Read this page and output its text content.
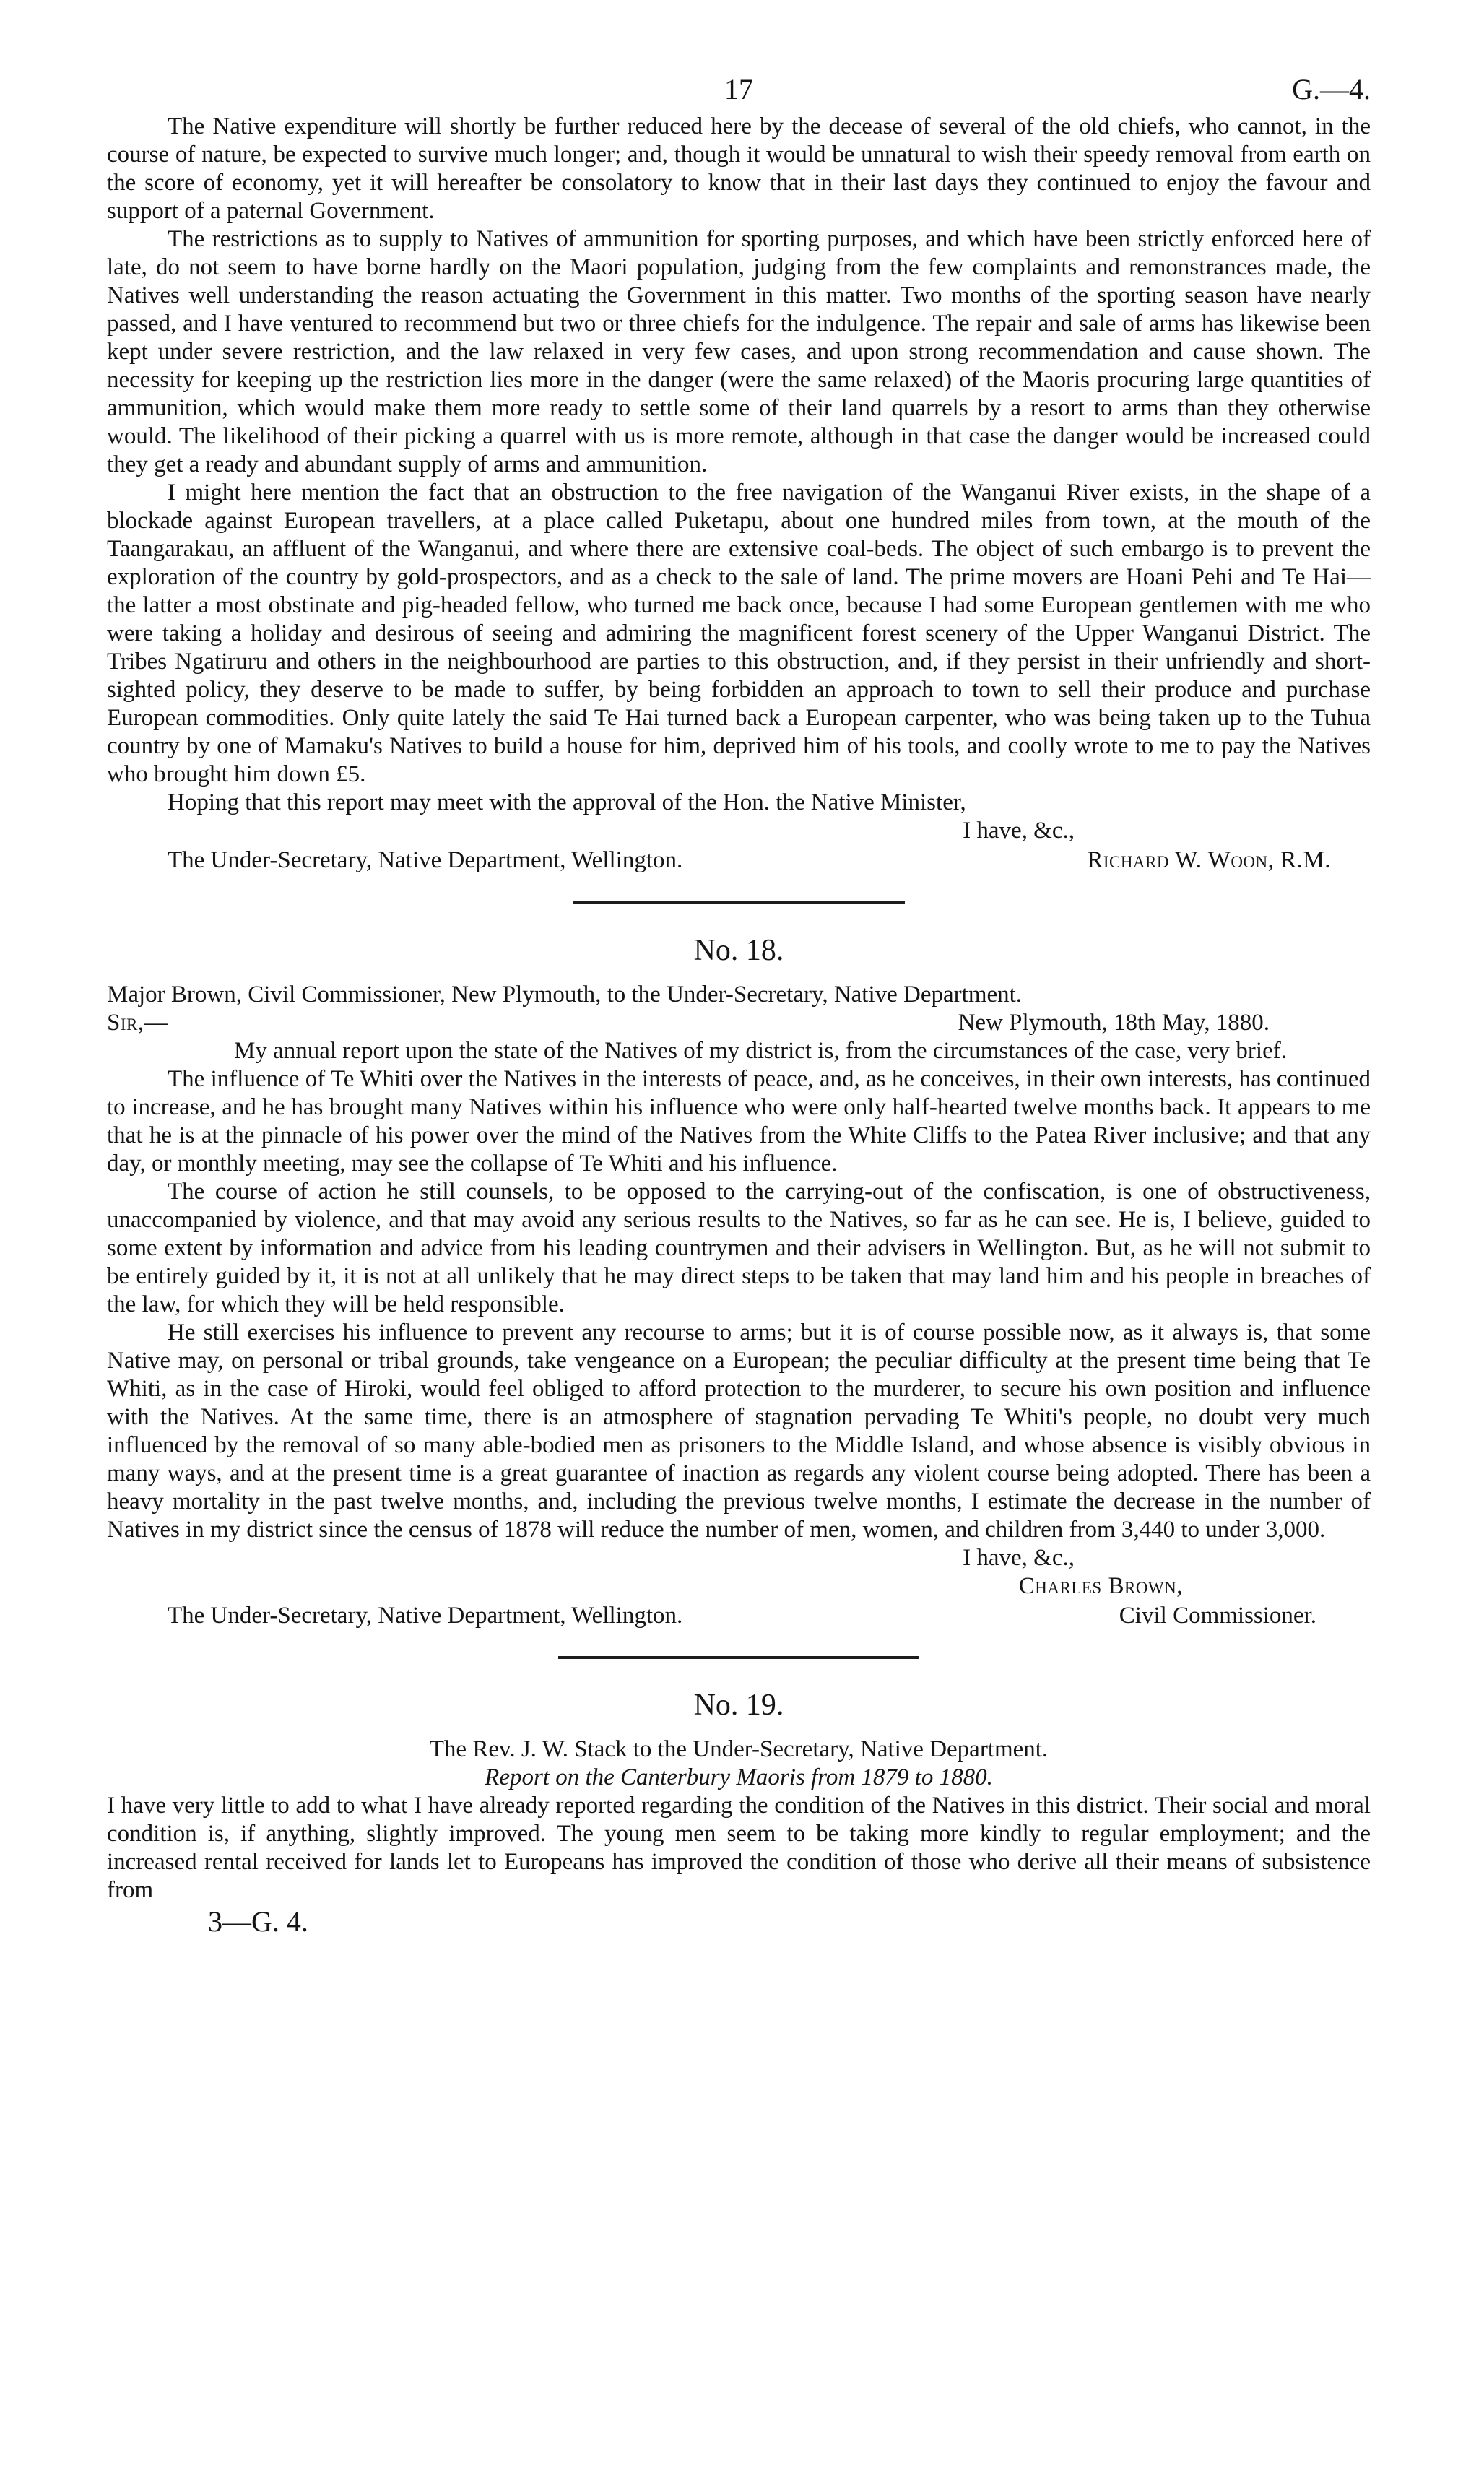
17	G.—4.

The Native expenditure will shortly be further reduced here by the decease of several of the old chiefs, who cannot, in the course of nature, be expected to survive much longer; and, though it would be unnatural to wish their speedy removal from earth on the score of economy, yet it will hereafter be consolatory to know that in their last days they continued to enjoy the favour and support of a paternal Government.

The restrictions as to supply to Natives of ammunition for sporting purposes, and which have been strictly enforced here of late, do not seem to have borne hardly on the Maori population, judging from the few complaints and remonstrances made, the Natives well understanding the reason actuating the Government in this matter. Two months of the sporting season have nearly passed, and I have ventured to recommend but two or three chiefs for the indulgence. The repair and sale of arms has likewise been kept under severe restriction, and the law relaxed in very few cases, and upon strong recommendation and cause shown. The necessity for keeping up the restriction lies more in the danger (were the same relaxed) of the Maoris procuring large quantities of ammunition, which would make them more ready to settle some of their land quarrels by a resort to arms than they otherwise would. The likelihood of their picking a quarrel with us is more remote, although in that case the danger would be increased could they get a ready and abundant supply of arms and ammunition.

I might here mention the fact that an obstruction to the free navigation of the Wanganui River exists, in the shape of a blockade against European travellers, at a place called Puketapu, about one hundred miles from town, at the mouth of the Taangarakau, an affluent of the Wanganui, and where there are extensive coal-beds. The object of such embargo is to prevent the exploration of the country by gold-prospectors, and as a check to the sale of land. The prime movers are Hoani Pehi and Te Hai—the latter a most obstinate and pig-headed fellow, who turned me back once, because I had some European gentlemen with me who were taking a holiday and desirous of seeing and admiring the magnificent forest scenery of the Upper Wanganui District. The Tribes Ngatiruru and others in the neighbourhood are parties to this obstruction, and, if they persist in their unfriendly and short-sighted policy, they deserve to be made to suffer, by being forbidden an approach to town to sell their produce and purchase European commodities. Only quite lately the said Te Hai turned back a European carpenter, who was being taken up to the Tuhua country by one of Mamaku's Natives to build a house for him, deprived him of his tools, and coolly wrote to me to pay the Natives who brought him down £5.

Hoping that this report may meet with the approval of the Hon. the Native Minister,

I have, &c.,
The Under-Secretary, Native Department, Wellington.	Richard W. Woon, R.M.
No. 18.

Major Brown, Civil Commissioner, New Plymouth, to the Under-Secretary, Native Department.

Sir,—	New Plymouth, 18th May, 1880.

My annual report upon the state of the Natives of my district is, from the circumstances of the case, very brief.

The influence of Te Whiti over the Natives in the interests of peace, and, as he conceives, in their own interests, has continued to increase, and he has brought many Natives within his influence who were only half-hearted twelve months back. It appears to me that he is at the pinnacle of his power over the mind of the Natives from the White Cliffs to the Patea River inclusive; and that any day, or monthly meeting, may see the collapse of Te Whiti and his influence.

The course of action he still counsels, to be opposed to the carrying-out of the confiscation, is one of obstructiveness, unaccompanied by violence, and that may avoid any serious results to the Natives, so far as he can see. He is, I believe, guided to some extent by information and advice from his leading countrymen and their advisers in Wellington. But, as he will not submit to be entirely guided by it, it is not at all unlikely that he may direct steps to be taken that may land him and his people in breaches of the law, for which they will be held responsible.

He still exercises his influence to prevent any recourse to arms; but it is of course possible now, as it always is, that some Native may, on personal or tribal grounds, take vengeance on a European; the peculiar difficulty at the present time being that Te Whiti, as in the case of Hiroki, would feel obliged to afford protection to the murderer, to secure his own position and influence with the Natives. At the same time, there is an atmosphere of stagnation pervading Te Whiti's people, no doubt very much influenced by the removal of so many able-bodied men as prisoners to the Middle Island, and whose absence is visibly obvious in many ways, and at the present time is a great guarantee of inaction as regards any violent course being adopted. There has been a heavy mortality in the past twelve months, and, including the previous twelve months, I estimate the decrease in the number of Natives in my district since the census of 1878 will reduce the number of men, women, and children from 3,440 to under 3,000.

I have, &c.,
Charles Brown,
The Under-Secretary, Native Department, Wellington.	Civil Commissioner.
No. 19.
The Rev. J. W. Stack to the Under-Secretary, Native Department.
Report on the Canterbury Maoris from 1879 to 1880.

I have very little to add to what I have already reported regarding the condition of the Natives in this district. Their social and moral condition is, if anything, slightly improved. The young men seem to be taking more kindly to regular employment; and the increased rental received for lands let to Europeans has improved the condition of those who derive all their means of subsistence from

3—G. 4.
